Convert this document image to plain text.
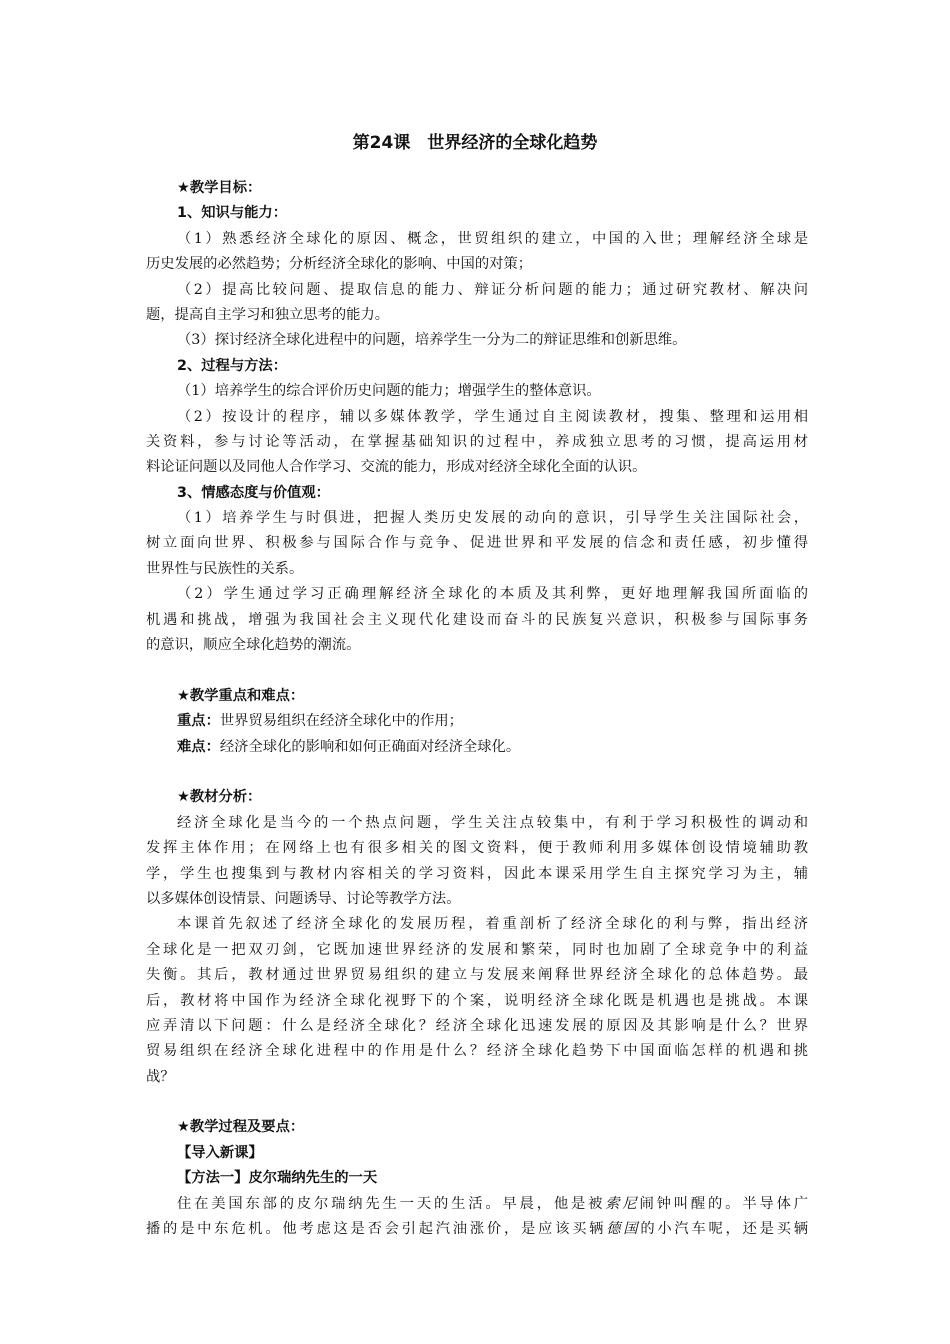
第24课　世界经济的全球化趋势
★教学目标：
1、知识与能力：
（1）熟悉经济全球化的原因、概念，世贸组织的建立，中国的入世；理解经济全球是
历史发展的必然趋势；分析经济全球化的影响、中国的对策；
（2）提高比较问题、提取信息的能力、辩证分析问题的能力；通过研究教材、解决问
题，提高自主学习和独立思考的能力。
（3）探讨经济全球化进程中的问题，培养学生一分为二的辩证思维和创新思维。
2、过程与方法：
（1）培养学生的综合评价历史问题的能力；增强学生的整体意识。
（2）按设计的程序，辅以多媒体教学，学生通过自主阅读教材，搜集、整理和运用相
关资料，参与讨论等活动，在掌握基础知识的过程中，养成独立思考的习惯，提高运用材
料论证问题以及同他人合作学习、交流的能力，形成对经济全球化全面的认识。
3、情感态度与价值观：
（1）培养学生与时俱进，把握人类历史发展的动向的意识，引导学生关注国际社会，
树立面向世界、积极参与国际合作与竞争、促进世界和平发展的信念和责任感，初步懂得
世界性与民族性的关系。
（2）学生通过学习正确理解经济全球化的本质及其利弊，更好地理解我国所面临的
机遇和挑战，增强为我国社会主义现代化建设而奋斗的民族复兴意识，积极参与国际事务
的意识，顺应全球化趋势的潮流。
★教学重点和难点：
重点：世界贸易组织在经济全球化中的作用；
难点：经济全球化的影响和如何正确面对经济全球化。
★教材分析：
经济全球化是当今的一个热点问题，学生关注点较集中，有利于学习积极性的调动和
发挥主体作用；在网络上也有很多相关的图文资料，便于教师利用多媒体创设情境辅助教
学，学生也搜集到与教材内容相关的学习资料，因此本课采用学生自主探究学习为主，辅
以多媒体创设情景、问题诱导、讨论等教学方法。
本课首先叙述了经济全球化的发展历程，着重剖析了经济全球化的利与弊，指出经济
全球化是一把双刃剑，它既加速世界经济的发展和繁荣，同时也加剧了全球竞争中的利益
失衡。其后，教材通过世界贸易组织的建立与发展来阐释世界经济全球化的总体趋势。最
后，教材将中国作为经济全球化视野下的个案，说明经济全球化既是机遇也是挑战。本课
应弄清以下问题：什么是经济全球化？经济全球化迅速发展的原因及其影响是什么？世界
贸易组织在经济全球化进程中的作用是什么？经济全球化趋势下中国面临怎样的机遇和挑
战？
★教学过程及要点：
【导入新课】
【方法一】皮尔瑞纳先生的一天
住在美国东部的皮尔瑞纳先生一天的生活。早晨，他是被索尼闹钟叫醒的。半导体广
播的是中东危机。他考虑这是否会引起汽油涨价，是应该买辆德国的小汽车呢，还是买辆
